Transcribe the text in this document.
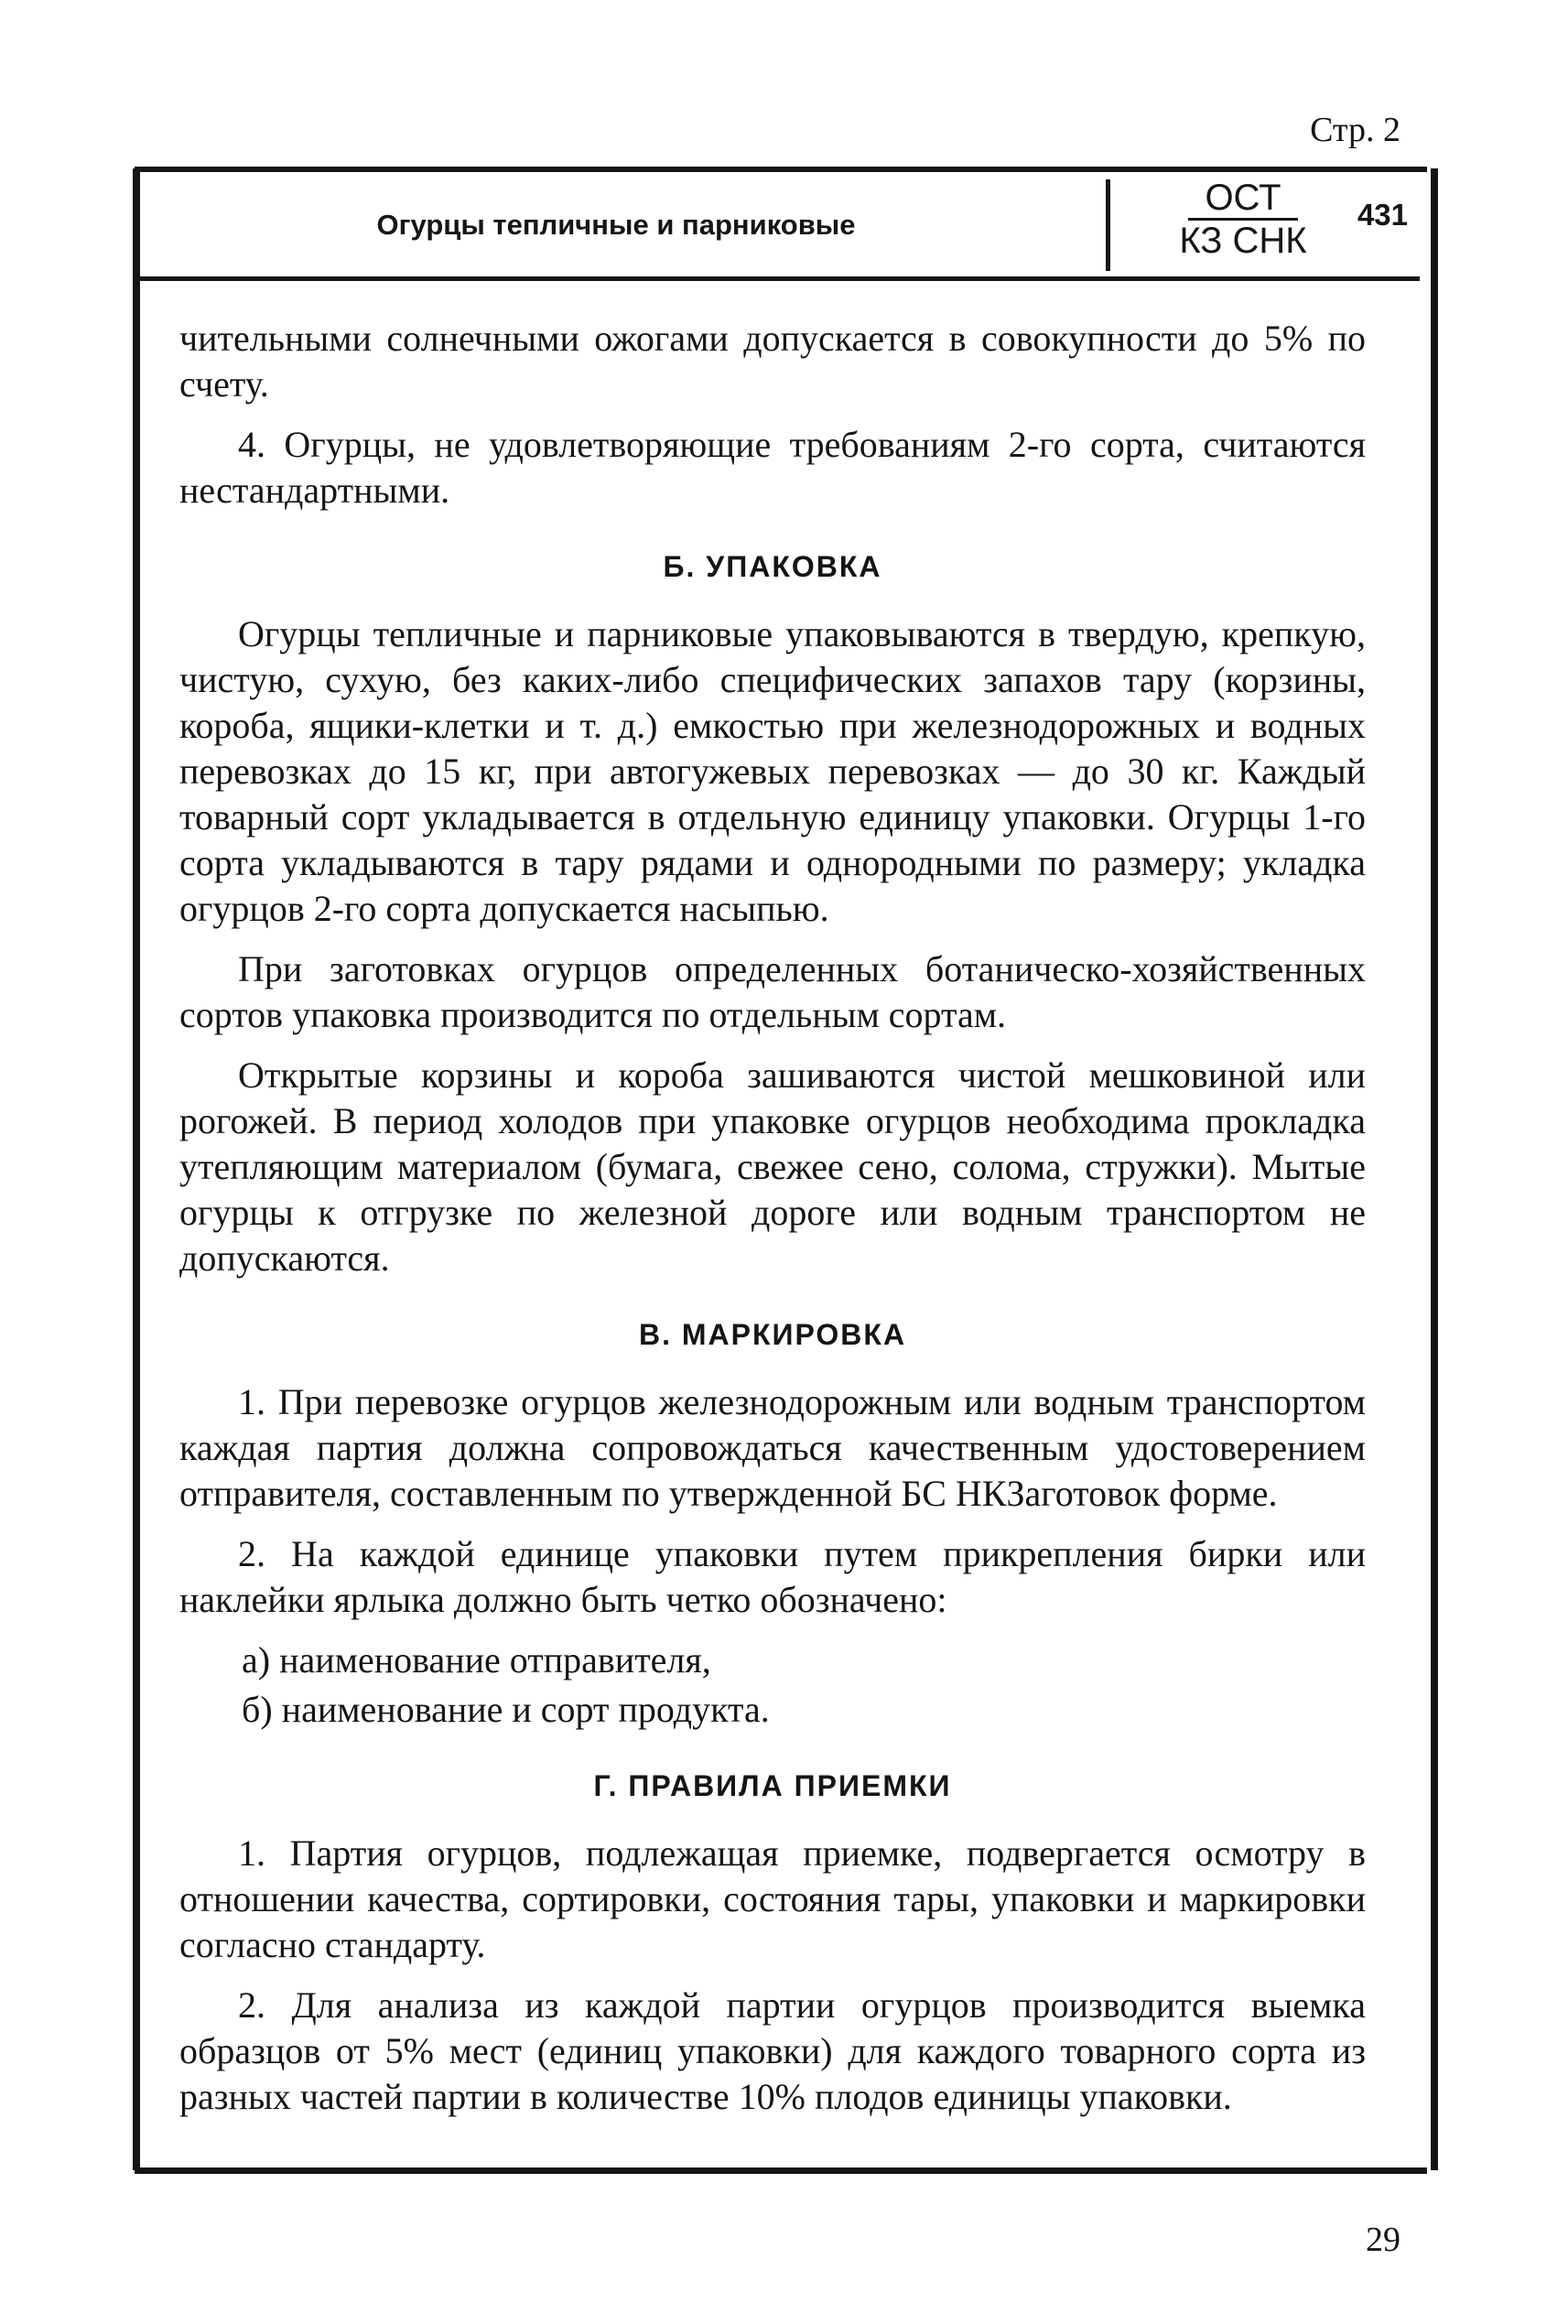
Стр. 2
Огурцы тепличные и парниковые
ОСТ
КЗ СНК
431

чительными солнечными ожогами допускается в совокупности до 5% по счету.

4. Огурцы, не удовлетворяющие требованиям 2-го сорта, считаются нестандартными.

Б. УПАКОВКА

Огурцы тепличные и парниковые упаковываются в твердую, крепкую, чистую, сухую, без каких-либо специфических запахов тару (корзины, короба, ящики-клетки и т. д.) емкостью при железнодорожных и водных перевозках до 15 кг, при автогужевых перевозках — до 30 кг. Каждый товарный сорт укладывается в отдельную единицу упаковки. Огурцы 1-го сорта укладываются в тару рядами и однородными по размеру; укладка огурцов 2-го сорта допускается насыпью.

При заготовках огурцов определенных ботаническо-хозяйственных сортов упаковка производится по отдельным сортам.

Открытые корзины и короба зашиваются чистой мешковиной или рогожей. В период холодов при упаковке огурцов необходима прокладка утепляющим материалом (бумага, свежее сено, солома, стружки). Мытые огурцы к отгрузке по железной дороге или водным транспортом не допускаются.

В. МАРКИРОВКА

1. При перевозке огурцов железнодорожным или водным транспортом каждая партия должна сопровождаться качественным удостоверением отправителя, составленным по утвержденной БС НКЗаготовок форме.

2. На каждой единице упаковки путем прикрепления бирки или наклейки ярлыка должно быть четко обозначено:

а) наименование отправителя,

б) наименование и сорт продукта.

Г. ПРАВИЛА ПРИЕМКИ

1. Партия огурцов, подлежащая приемке, подвергается осмотру в отношении качества, сортировки, состояния тары, упаковки и маркировки согласно стандарту.

2. Для анализа из каждой партии огурцов производится выемка образцов от 5% мест (единиц упаковки) для каждого товарного сорта из разных частей партии в количестве 10% плодов единицы упаковки.

29
